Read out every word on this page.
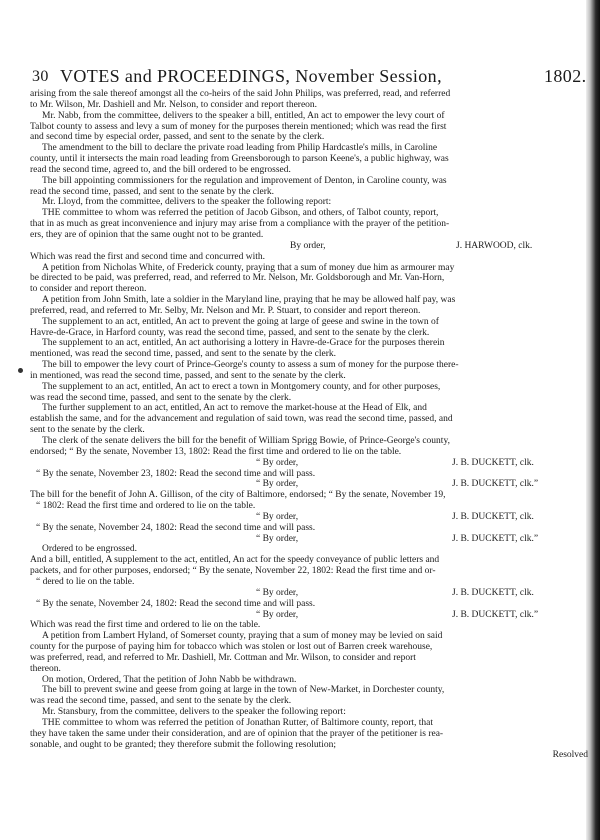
30 VOTES and PROCEEDINGS, November Session,	1802.
arising from the sale thereof amongst all the co-heirs of the said John Philips, was preferred, read, and referred
to Mr. Wilson, Mr. Dashiell and Mr. Nelson, to consider and report thereon.
Mr. Nabb, from the committee, delivers to the speaker a bill, entitled, An act to empower the levy court of
Talbot county to assess and levy a sum of money for the purposes therein mentioned; which was read the first
and second time by especial order, passed, and sent to the senate by the clerk.
The amendment to the bill to declare the private road leading from Philip Hardcastle's mills, in Caroline
county, until it intersects the main road leading from Greensborough to parson Keene's, a public highway, was
read the second time, agreed to, and the bill ordered to be engrossed.
The bill appointing commissioners for the regulation and improvement of Denton, in Caroline county, was
read the second time, passed, and sent to the senate by the clerk.
Mr. Lloyd, from the committee, delivers to the speaker the following report:
THE committee to whom was referred the petition of Jacob Gibson, and others, of Talbot county, report,
that in as much as great inconvenience and injury may arise from a compliance with the prayer of the petition-
ers, they are of opinion that the same ought not to be granted.
By order,	J. HARWOOD, clk.
Which was read the first and second time and concurred with.
A petition from Nicholas White, of Frederick county, praying that a sum of money due him as armourer may
be directed to be paid, was preferred, read, and referred to Mr. Nelson, Mr. Goldsborough and Mr. Van-Horn,
to consider and report thereon.
A petition from John Smith, late a soldier in the Maryland line, praying that he may be allowed half pay, was
preferred, read, and referred to Mr. Selby, Mr. Nelson and Mr. P. Stuart, to consider and report thereon.
The supplement to an act, entitled, An act to prevent the going at large of geese and swine in the town of
Havre-de-Grace, in Harford county, was read the second time, passed, and sent to the senate by the clerk.
The supplement to an act, entitled, An act authorising a lottery in Havre-de-Grace for the purposes therein
mentioned, was read the second time, passed, and sent to the senate by the clerk.
The bill to empower the levy court of Prince-George's county to assess a sum of money for the purpose there-
in mentioned, was read the second time, passed, and sent to the senate by the clerk.
The supplement to an act, entitled, An act to erect a town in Montgomery county, and for other purposes,
was read the second time, passed, and sent to the senate by the clerk.
The further supplement to an act, entitled, An act to remove the market-house at the Head of Elk, and
establish the same, and for the advancement and regulation of said town, was read the second time, passed, and
sent to the senate by the clerk.
The clerk of the senate delivers the bill for the benefit of William Sprigg Bowie, of Prince-George's county,
endorsed; “ By the senate, November 13, 1802: Read the first time and ordered to lie on the table.
“ By order,	J. B. DUCKETT, clk.
“ By the senate, November 23, 1802: Read the second time and will pass.
“ By order,	J. B. DUCKETT, clk.”
The bill for the benefit of John A. Gillison, of the city of Baltimore, endorsed; “ By the senate, November 19,
“ 1802: Read the first time and ordered to lie on the table.
“ By order,	J. B. DUCKETT, clk.
“ By the senate, November 24, 1802: Read the second time and will pass.
“ By order,	J. B. DUCKETT, clk.”
Ordered to be engrossed.
And a bill, entitled, A supplement to the act, entitled, An act for the speedy conveyance of public letters and
packets, and for other purposes, endorsed; “ By the senate, November 22, 1802: Read the first time and or-
“ dered to lie on the table.
“ By order,	J. B. DUCKETT, clk.
“ By the senate, November 24, 1802: Read the second time and will pass.
“ By order,	J. B. DUCKETT, clk.”
Which was read the first time and ordered to lie on the table.
A petition from Lambert Hyland, of Somerset county, praying that a sum of money may be levied on said
county for the purpose of paying him for tobacco which was stolen or lost out of Barren creek warehouse,
was preferred, read, and referred to Mr. Dashiell, Mr. Cottman and Mr. Wilson, to consider and report
thereon.
On motion, Ordered, That the petition of John Nabb be withdrawn.
The bill to prevent swine and geese from going at large in the town of New-Market, in Dorchester county,
was read the second time, passed, and sent to the senate by the clerk.
Mr. Stansbury, from the committee, delivers to the speaker the following report:
THE committee to whom was referred the petition of Jonathan Rutter, of Baltimore county, report, that
they have taken the same under their consideration, and are of opinion that the prayer of the petitioner is rea-
sonable, and ought to be granted; they therefore submit the following resolution;
Resolved
